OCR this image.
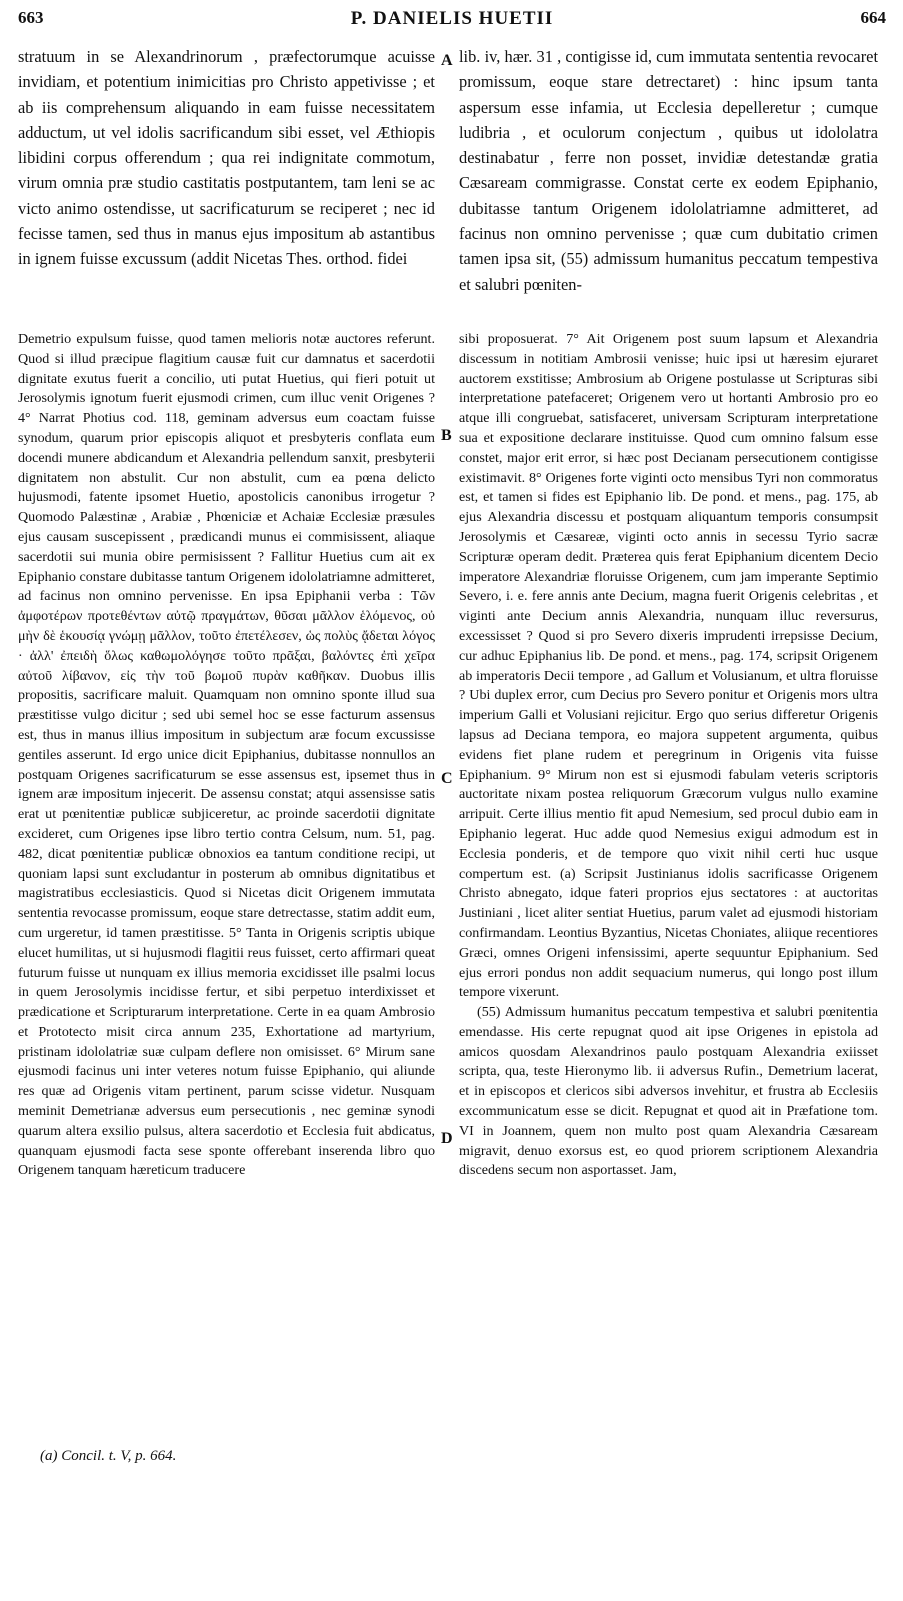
663	P. DANIELIS HUETII	664

stratuum in se Alexandrinorum , præfectorumque acuisse invidiam, et potentium inimicitias pro Christo appetivisse ; et ab iis comprehensum aliquando in eam fuisse necessitatem adductum, ut vel idolis sacrificandum sibi esset, vel Æthiopis libidini corpus offerendum ; qua rei indignitate commotum, virum omnia præ studio castitatis postputantem, tam leni se ac victo animo ostendisse, ut sacrificaturum se reciperet ; nec id fecisse tamen, sed thus in manus ejus impositum ab astantibus in ignem fuisse excussum (addit Nicetas Thes. orthod. fidei

lib. iv, hær. 31 , contigisse id, cum immutata sententia revocaret promissum, eoque stare detrectaret) : hinc ipsum tanta aspersum esse infamia, ut Ecclesia depelleretur ; cumque ludibria , et oculorum conjectum , quibus ut idololatra destinabatur , ferre non posset, invidiæ detestandæ gratia Cæsaream commigrasse. Constat certe ex eodem Epiphanio, dubitasse tantum Origenem idololatriamne admitteret, ad facinus non omnino pervenisse ; quæ cum dubitatio crimen tamen ipsa sit, (55) admissum humanitus peccatum tempestiva et salubri pœniten-

Demetrio expulsum fuisse, quod tamen melioris notæ auctores referunt. Quod si illud præcipue flagitium causæ fuit cur damnatus et sacerdotii dignitate exutus fuerit a concilio, uti putat Huetius, qui fieri potuit ut Jerosolymis ignotum fuerit ejusmodi crimen, cum illuc venit Origenes ? 4° Narrat Photius cod. 118, geminam adversus eum coactam fuisse synodum, quarum prior episcopis aliquot et presbyteris conflata eum docendi munere abdicandum et Alexandria pellendum sanxit, presbyterii dignitatem non abstulit. Cur non abstulit, cum ea pœna delicto hujusmodi, fatente ipsomet Huetio, apostolicis canonibus irrogetur ? Quomodo Palæstinæ , Arabiæ , Phœniciæ et Achaiæ Ecclesiæ præsules ejus causam suscepissent , prædicandi munus ei commisissent, aliaque sacerdotii sui munia obire permisissent ? Fallitur Huetius cum ait ex Epiphanio constare dubitasse tantum Origenem idololatriamne admitteret, ad facinus non omnino pervenisse. En ipsa Epiphanii verba : Τῶν ἀμφοτέρων προτεθέντων αὐτῷ πραγμάτων, θῦσαι μᾶλλον ἑλόμενος, οὐ μὴν δὲ ἑκουσίᾳ γνώμῃ μᾶλλον, τοῦτο ἐπετέλεσεν, ὡς πολὺς ᾄδεται λόγος · ἀλλ' ἐπειδὴ ὅλως καθωμολόγησε τοῦτο πρᾶξαι, βαλόντες ἐπὶ χεῖρα αὐτοῦ λίβανον, εἰς τὴν τοῦ βωμοῦ πυρὰν καθῆκαν. Duobus illis propositis, sacrificare maluit. Quamquam non omnino sponte illud sua præstitisse vulgo dicitur ; sed ubi semel hoc se esse facturum assensus est, thus in manus illius impositum in subjectum aræ focum excussisse gentiles asserunt. Id ergo unice dicit Epiphanius, dubitasse nonnullos an postquam Origenes sacrificaturum se esse assensus est, ipsemet thus in ignem aræ impositum injecerit. De assensu constat; atqui assensisse satis erat ut pœnitentiæ publicæ subjiceretur, ac proinde sacerdotii dignitate excideret, cum Origenes ipse libro tertio contra Celsum, num. 51, pag. 482, dicat pœnitentiæ publicæ obnoxios ea tantum conditione recipi, ut quoniam lapsi sunt excludantur in posterum ab omnibus dignitatibus et magistratibus ecclesiasticis. Quod si Nicetas dicit Origenem immutata sententia revocasse promissum, eoque stare detrectasse, statim addit eum, cum urgeretur, id tamen præstitisse. 5° Tanta in Origenis scriptis ubique elucet humilitas, ut si hujusmodi flagitii reus fuisset, certo affirmari queat futurum fuisse ut nunquam ex illius memoria excidisset ille psalmi locus in quem Jerosolymis incidisse fertur, et sibi perpetuo interdixisset et prædicatione et Scripturarum interpretatione. Certe in ea quam Ambrosio et Prototecto misit circa annum 235, Exhortatione ad martyrium, pristinam idololatriæ suæ culpam deflere non omisisset. 6° Mirum sane ejusmodi facinus uni inter veteres notum fuisse Epiphanio, qui aliunde res quæ ad Origenis vitam pertinent, parum scisse videtur. Nusquam meminit Demetrianæ adversus eum persecutionis , nec geminæ synodi quarum altera exsilio pulsus, altera sacerdotio et Ecclesia fuit abdicatus, quanquam ejusmodi facta sese sponte offerebant inserenda libro quo Origenem tanquam hæreticum traducere

sibi proposuerat. 7° Ait Origenem post suum lapsum et Alexandria discessum in notitiam Ambrosii venisse; huic ipsi ut hæresim ejuraret auctorem exstitisse; Ambrosium ab Origene postulasse ut Scripturas sibi interpretatione patefaceret; Origenem vero ut hortanti Ambrosio pro eo atque illi congruebat, satisfaceret, universam Scripturam interpretatione sua et expositione declarare instituisse. Quod cum omnino falsum esse constet, major erit error, si hæc post Decianam persecutionem contigisse existimavit. 8° Origenes forte viginti octo mensibus Tyri non commoratus est, et tamen si fides est Epiphanio lib. De pond. et mens., pag. 175, ab ejus Alexandria discessu et postquam aliquantum temporis consumpsit Jerosolymis et Cæsareæ, viginti octo annis in secessu Tyrio sacræ Scripturæ operam dedit. Præterea quis ferat Epiphanium dicentem Decio imperatore Alexandriæ floruisse Origenem, cum jam imperante Septimio Severo, i. e. fere annis ante Decium, magna fuerit Origenis celebritas , et viginti ante Decium annis Alexandria, nunquam illuc reversurus, excessisset ? Quod si pro Severo dixeris imprudenti irrepsisse Decium, cur adhuc Epiphanius lib. De pond. et mens., pag. 174, scripsit Origenem ab imperatoris Decii tempore , ad Gallum et Volusianum, et ultra floruisse ? Ubi duplex error, cum Decius pro Severo ponitur et Origenis mors ultra imperium Galli et Volusiani rejicitur. Ergo quo serius differetur Origenis lapsus ad Deciana tempora, eo majora suppetent argumenta, quibus evidens fiet plane rudem et peregrinum in Origenis vita fuisse Epiphanium. 9° Mirum non est si ejusmodi fabulam veteris scriptoris auctoritate nixam postea reliquorum Græcorum vulgus nullo examine arripuit. Certe illius mentio fit apud Nemesium, sed procul dubio eam in Epiphanio legerat. Huc adde quod Nemesius exigui admodum est in Ecclesia ponderis, et de tempore quo vixit nihil certi huc usque compertum est. (a) Scripsit Justinianus idolis sacrificasse Origenem Christo abnegato, idque fateri proprios ejus sectatores : at auctoritas Justiniani , licet aliter sentiat Huetius, parum valet ad ejusmodi historiam confirmandam. Leontius Byzantius, Nicetas Choniates, aliique recentiores Græci, omnes Origeni infensissimi, aperte sequuntur Epiphanium. Sed ejus errori pondus non addit sequacium numerus, qui longo post illum tempore vixerunt.

(55) Admissum humanitus peccatum tempestiva et salubri pœnitentia emendasse. His certe repugnat quod ait ipse Origenes in epistola ad amicos quosdam Alexandrinos paulo postquam Alexandria exiisset scripta, qua, teste Hieronymo lib. ii adversus Rufin., Demetrium lacerat, et in episcopos et clericos sibi adversos invehitur, et frustra ab Ecclesiis excommunicatum esse se dicit. Repugnat et quod ait in Præfatione tom. VI in Joannem, quem non multo post quam Alexandria Cæsaream migravit, denuo exorsus est, eo quod priorem scriptionem Alexandria discedens secum non asportasset. Jam,

A
B
C
D
(a) Concil. t. V, p. 664.
